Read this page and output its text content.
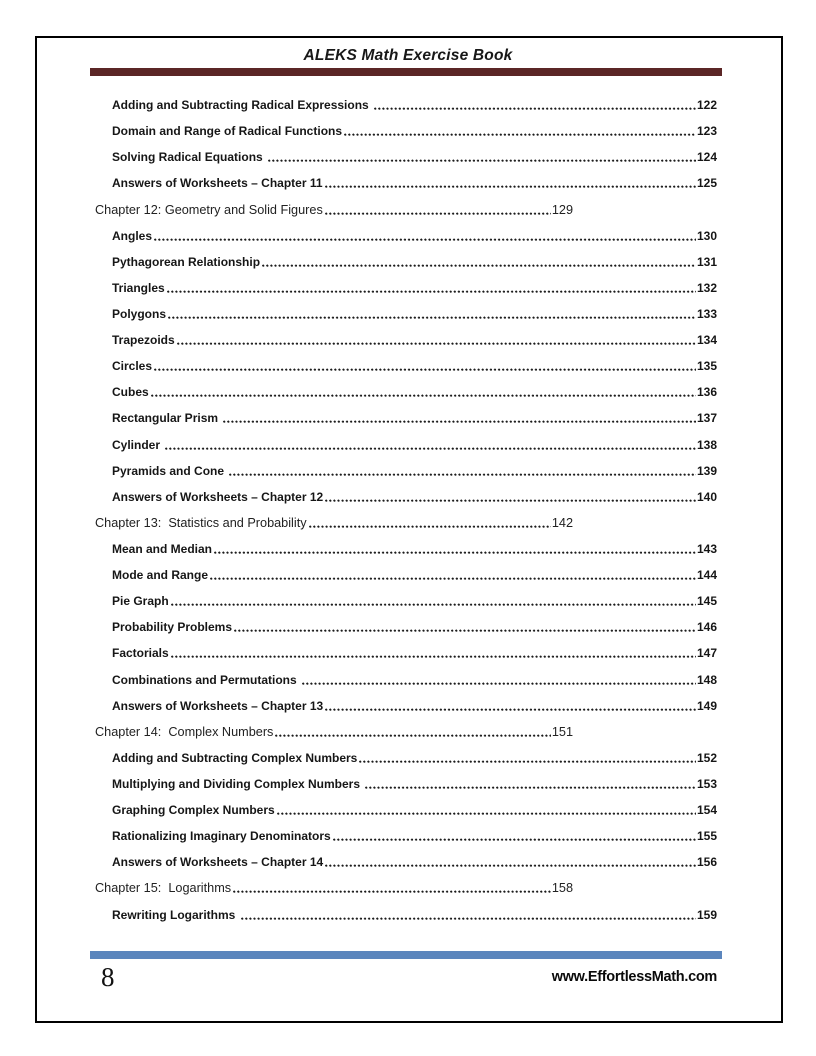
ALEKS Math Exercise Book
Adding and Subtracting Radical Expressions	122
Domain and Range of Radical Functions	123
Solving Radical Equations	124
Answers of Worksheets – Chapter 11	125
Chapter 12: Geometry and Solid Figures	129
Angles	130
Pythagorean Relationship	131
Triangles	132
Polygons	133
Trapezoids	134
Circles	135
Cubes	136
Rectangular Prism	137
Cylinder	138
Pyramids and Cone	139
Answers of Worksheets – Chapter 12	140
Chapter 13:  Statistics and Probability	142
Mean and Median	143
Mode and Range	144
Pie Graph	145
Probability Problems	146
Factorials	147
Combinations and Permutations	148
Answers of Worksheets – Chapter 13	149
Chapter 14:  Complex Numbers	151
Adding and Subtracting Complex Numbers	152
Multiplying and Dividing Complex Numbers	153
Graphing Complex Numbers	154
Rationalizing Imaginary Denominators	155
Answers of Worksheets – Chapter 14	156
Chapter 15:  Logarithms	158
Rewriting Logarithms	159
8	www.EffortlessMath.com
